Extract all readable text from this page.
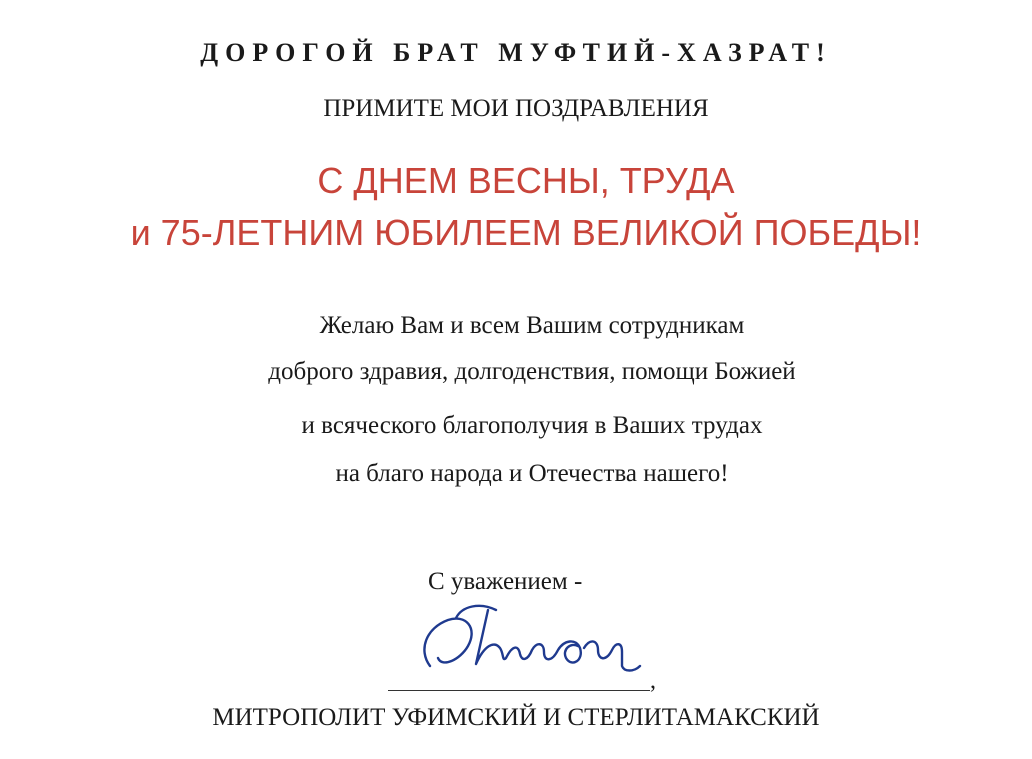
ДОРОГОЙ БРАТ МУФТИЙ-ХАЗРАТ!
ПРИМИТЕ МОИ ПОЗДРАВЛЕНИЯ
С ДНЕМ ВЕСНЫ, ТРУДА
и 75-ЛЕТНИМ ЮБИЛЕЕМ ВЕЛИКОЙ ПОБЕДЫ!
Желаю Вам и всем Вашим сотрудникам
доброго здравия, долгоденствия, помощи Божией
и всяческого благополучия в Ваших трудах
на благо народа и Отечества нашего!
С уважением -
,
МИТРОПОЛИТ УФИМСКИЙ И СТЕРЛИТАМАКСКИЙ
